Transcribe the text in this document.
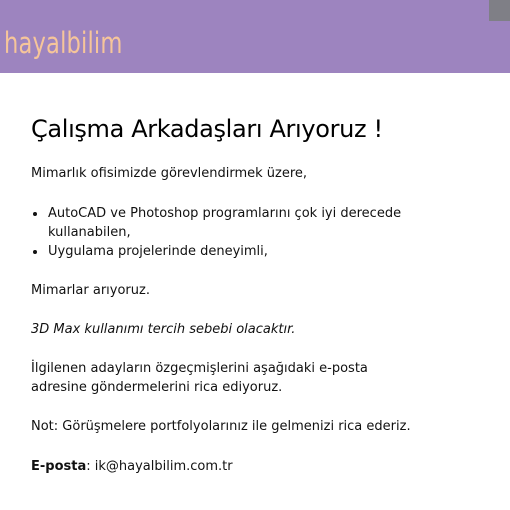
hayalbilim
Çalışma Arkadaşları Arıyoruz !

Mimarlık ofisimizde görevlendirmek üzere,

AutoCAD ve Photoshop programlarını çok iyi derecede kullanabilen,
Uygulama projelerinde deneyimli,

Mimarlar arıyoruz.

3D Max kullanımı tercih sebebi olacaktır.

İlgilenen adayların özgeçmişlerini aşağıdaki e-posta adresine göndermelerini rica ediyoruz.

Not: Görüşmelere portfolyolarınız ile gelmenizi rica ederiz.

E-posta: ik@hayalbilim.com.tr
